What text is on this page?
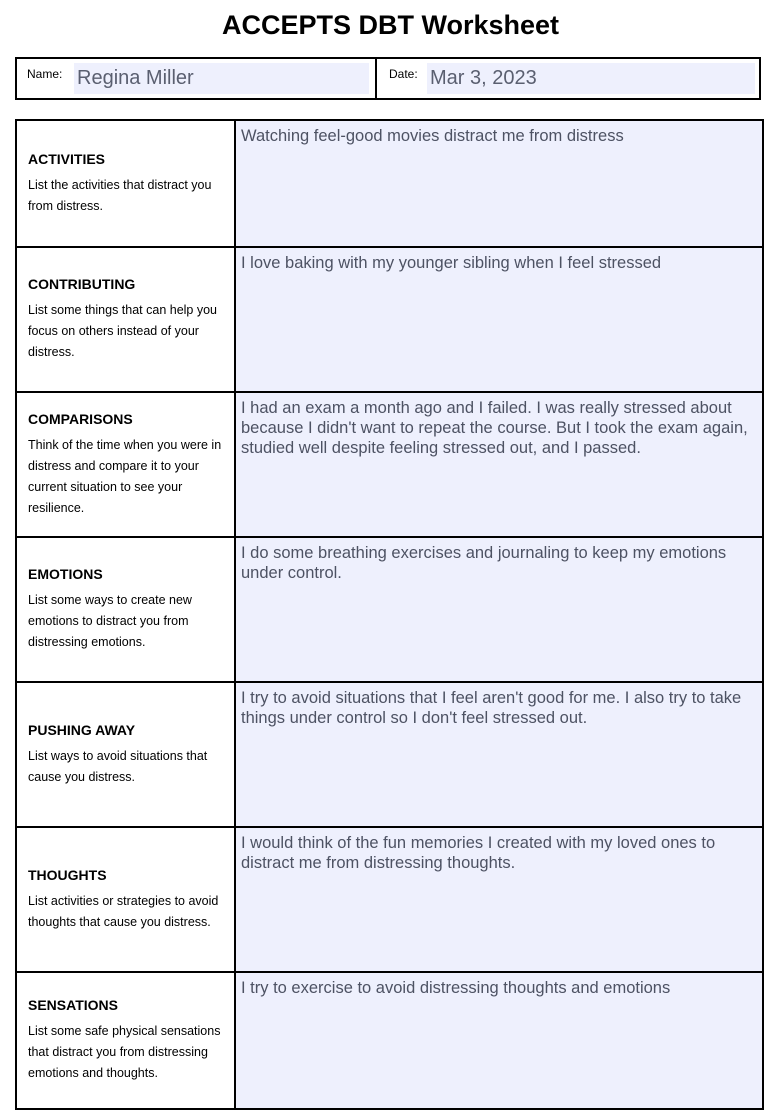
ACCEPTS DBT Worksheet
Name: Regina Miller	Date: Mar 3, 2023
ACTIVITIES
List the activities that distract you from distress.
Watching feel-good movies distract me from distress
CONTRIBUTING
List some things that can help you focus on others instead of your distress.
I love baking with my younger sibling when I feel stressed
COMPARISONS
Think of the time when you were in distress and compare it to your current situation to see your resilience.
I had an exam a month ago and I failed. I was really stressed about because I didn't want to repeat the course. But I took the exam again, studied well despite feeling stressed out, and I passed.
EMOTIONS
List some ways to create new emotions to distract you from distressing emotions.
I do some breathing exercises and journaling to keep my emotions under control.
PUSHING AWAY
List ways to avoid situations that cause you distress.
I try to avoid situations that I feel aren't good for me. I also try to take things under control so I don't feel stressed out.
THOUGHTS
List activities or strategies to avoid thoughts that cause you distress.
I would think of the fun memories I created with my loved ones to distract me from distressing thoughts.
SENSATIONS
List some safe physical sensations that distract you from distressing emotions and thoughts.
I try to exercise to avoid distressing thoughts and emotions
